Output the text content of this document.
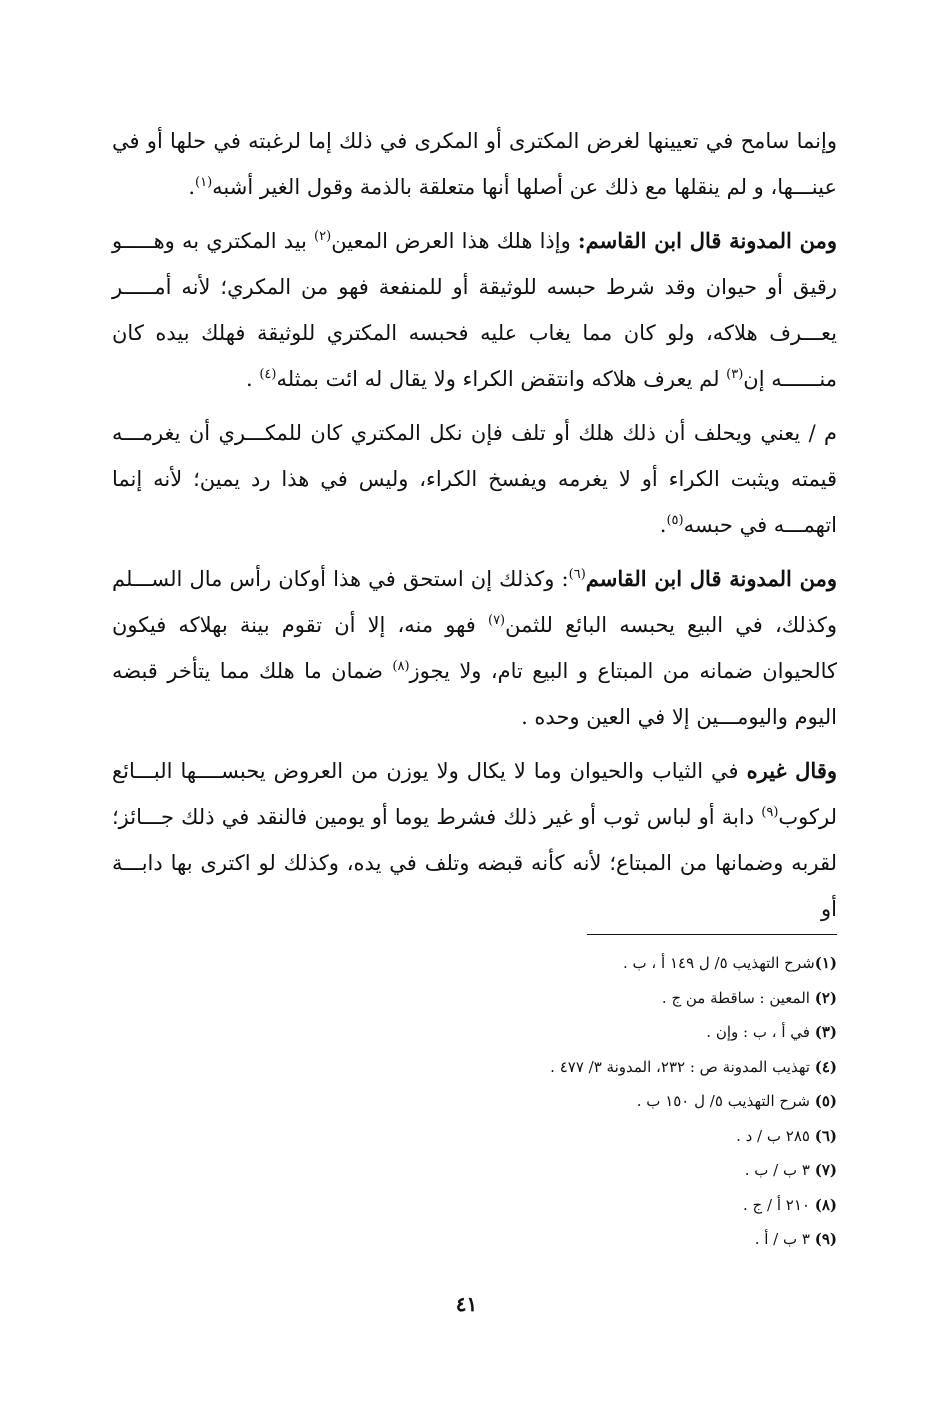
وإنما سامح في تعيينها لغرض المكترى أو المكرى في ذلك إما لرغبته في حلها أو في عينـــها، و لم ينقلها مع ذلك عن أصلها أنها متعلقة بالذمة وقول الغير أشبه$^{(١)}$.

ومن المدونة قال ابن القاسم: وإذا هلك هذا العرض المعين$^{(٢)}$ بيد المكتري به وهـــــو رقيق أو حيوان وقد شرط حبسه للوثيقة أو للمنفعة فهو من المكري؛ لأنه أمـــــر يعـــرف هلاكه، ولو كان مما يغاب عليه فحبسه المكتري للوثيقة فهلك بيده كان منــــــه إن$^{(٣)}$ لم يعرف هلاكه وانتقض الكراء ولا يقال له ائت بمثله$^{(٤)}$ .

م / يعني ويحلف أن ذلك هلك أو تلف فإن نكل المكتري كان للمكـــري أن يغرمـــه قيمته ويثبت الكراء أو لا يغرمه ويفسخ الكراء، وليس في هذا رد يمين؛ لأنه إنما اتهمـــه في حبسه$^{(٥)}$.

ومن المدونة قال ابن القاسم$^{(٦)}$: وكذلك إن استحق في هذا أوكان رأس مال الســـلم وكذلك، في البيع يحبسه البائع للثمن$^{(٧)}$ فهو منه، إلا أن تقوم بينة بهلاكه فيكون كالحيوان ضمانه من المبتاع و البيع تام، ولا يجوز$^{(٨)}$ ضمان ما هلك مما يتأخر قبضه اليوم واليومـــين إلا في العين وحده .

وقال غيره في الثياب والحيوان وما لا يكال ولا يوزن من العروض يحبســــها البـــائع لركوب$^{(٩)}$ دابة أو لباس ثوب أو غير ذلك فشرط يوما أو يومين فالنقد في ذلك جـــائز؛ لقربه وضمانها من المبتاع؛ لأنه كأنه قبضه وتلف في يده، وكذلك لو اكترى بها دابـــة أو

(١)شرح التهذيب ٥/ ل ١٤٩ أ ، ب .
(٢) المعين : ساقطة من ج .
(٣) في أ ، ب : وإن .
(٤) تهذيب المدونة ص : ٢٣٢، المدونة ٣/ ٤٧٧ .
(٥) شرح التهذيب ٥/ ل ١٥٠ ب .
(٦) ٢٨٥ ب / د .
(٧) ٣ ب / ب .
(٨) ٢١٠ أ / ج .
(٩) ٣ ب / أ .
٤١
